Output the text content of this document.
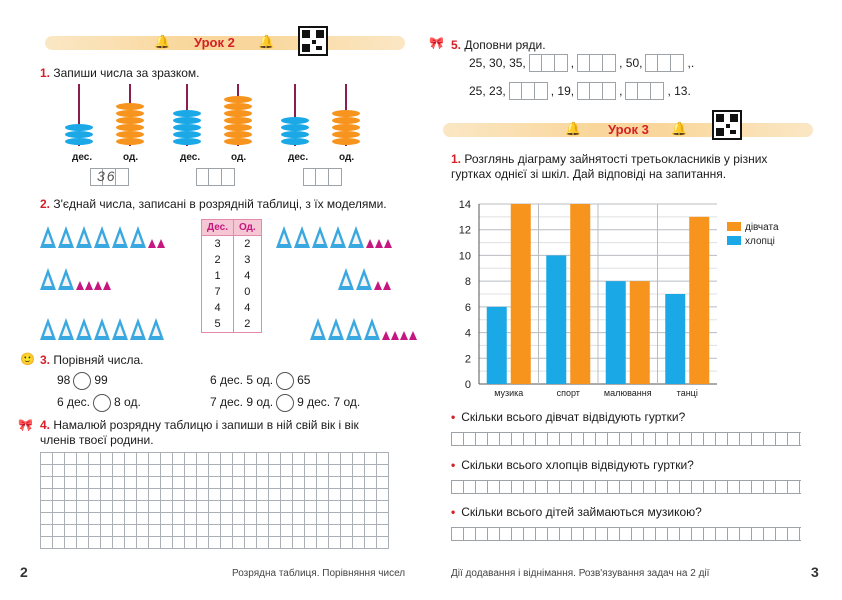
🔔 Урок 2 🔔
1. Запиши числа за зразком.
дес.	од.	дес.	од.	дес.	од.
36
2. З'єднай числа, записані в розрядній таблиці, з їх моделями.
Дес.	Од.
3	2
2	3
1	4
7	0
4	4
5	2
🙂 3. Порівняй числа.
98 99	6 дес. 5 од. 65
6 дес. 8 од.	7 дес. 9 од. 9 дес. 7 од.
🎀 4. Намалюй розрядну таблицю і запиши в ній свій вік і вік членів твоєї родини.
2	Розрядна таблиця. Порівняння чисел
🎀 5. Доповни ряди.
25,
30,
35,	,	,
50,	, .
25,
23,	,
19,	,	,
13.
🔔 Урок 3 🔔
1. Розглянь діаграму зайнятості третьокласників у різних гуртках однієї зі шкіл. Дай відповіді на запитання.
0
2
4
6
8
10
12
14
музика	спорт	малювання	танці
дівчата
хлопці
• Скільки всього дівчат відвідують гуртки?
• Скільки всього хлопців відвідують гуртки?
• Скільки всього дітей займаються музикою?
Дії додавання і віднімання. Розв'язування задач на 2 дії	3
